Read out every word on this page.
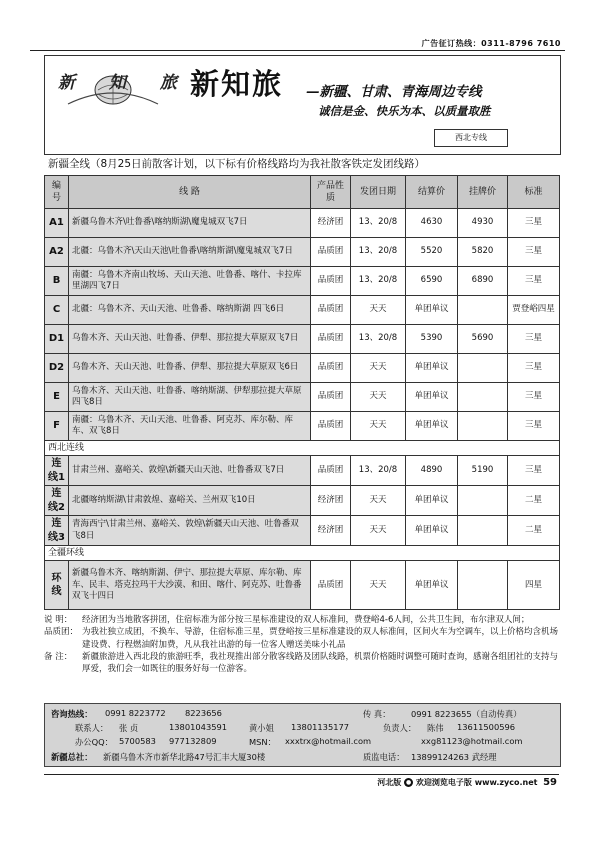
广告征订热线：0311-8796 7610
新 知 旅 新知旅 —新疆、甘肃、青海周边专线
诚信是金、快乐为本、以质量取胜
西北专线
新疆全线（8月25日前散客计划，以下标有价格线路均为我社散客铁定发团线路）
编号	线 路	产品性质	发团日期	结算价	挂牌价	标准
A1	新疆乌鲁木齐\吐鲁番\喀纳斯湖\魔鬼城双飞7日	经济团	13、20/8	4630	4930	三星
A2	北疆：乌鲁木齐\天山天池\吐鲁番\喀纳斯湖\魔鬼城双飞7日	品质团	13、20/8	5520	5820	三星
B	南疆：乌鲁木齐南山牧场、天山天池、吐鲁番、喀什、卡拉库里湖四飞7日	品质团	13、20/8	6590	6890	三星
C	北疆：乌鲁木齐、天山天池、吐鲁番、喀纳斯湖 四飞6日	品质团	天天	单团单议		贾登峪四星
D1	乌鲁木齐、天山天池、吐鲁番、伊犁、那拉提大草原双飞7日	品质团	13、20/8	5390	5690	三星
D2	乌鲁木齐、天山天池、吐鲁番、伊犁、那拉提大草原双飞6日	品质团	天天	单团单议		三星
E	乌鲁木齐、天山天池、吐鲁番、喀纳斯湖、伊犁那拉提大草原四飞8日	品质团	天天	单团单议		三星
F	南疆：乌鲁木齐、天山天池、吐鲁番、阿克苏、库尔勒、库车、双飞8日	品质团	天天	单团单议		三星
西北连线						
连线1	甘肃兰州、嘉峪关、敦煌\新疆天山天池、吐鲁番双飞7日	品质团	13、20/8	4890	5190	三星
连线2	北疆喀纳斯湖\甘肃敦煌、嘉峪关、兰州双飞10日	经济团	天天	单团单议		二星
连线3	青海西宁\甘肃兰州、嘉峪关、敦煌\新疆天山天池、吐鲁番双飞8日	经济团	天天	单团单议		二星
全疆环线						
环线	新疆乌鲁木齐、喀纳斯湖、伊宁、那拉提大草原、库尔勒、库车、民丰、塔克拉玛干大沙漠、和田、喀什、阿克苏、吐鲁番 双飞十四日	品质团	天天	单团单议		四星
说 明：	经济团为当地散客拼团，住宿标准为部分按三星标准建设的双人标准间，费登峪4-6人间，公共卫生间，布尔津双人间；
品质团： 为我社独立成团，不换车、导游，住宿标准三星，贾登峪按三星标准建设的双人标准间，区间火车为空调车，以上价格均含机场建设费、行程燃油附加费，凡从我社出游的每一位客人赠送美味小礼品
备 注：	新疆旅游进入西北段的旅游旺季，我社现推出部分散客线路及团队线路，机票价格随时调整可随时查询，感谢各组团社的支持与厚爱，我们会一如既往的服务好每一位游客。
咨询热线： 0991 8223772 8223656	传 真： 0991 8223655（自动传真）
联系人： 张 贞	13801043591	黄小姐 13801135177	负责人： 陈伟 13611500596
办公QQ： 5700583 977132809	MSN： xxxtrx@hotmail.com	xxg81123@hotmail.com
新疆总社： 新疆乌鲁木齐市新华北路47号汇丰大厦30楼	质监电话： 13899124263 武经理
河北版 ● 欢迎浏览电子版 www.zyco.net 59
